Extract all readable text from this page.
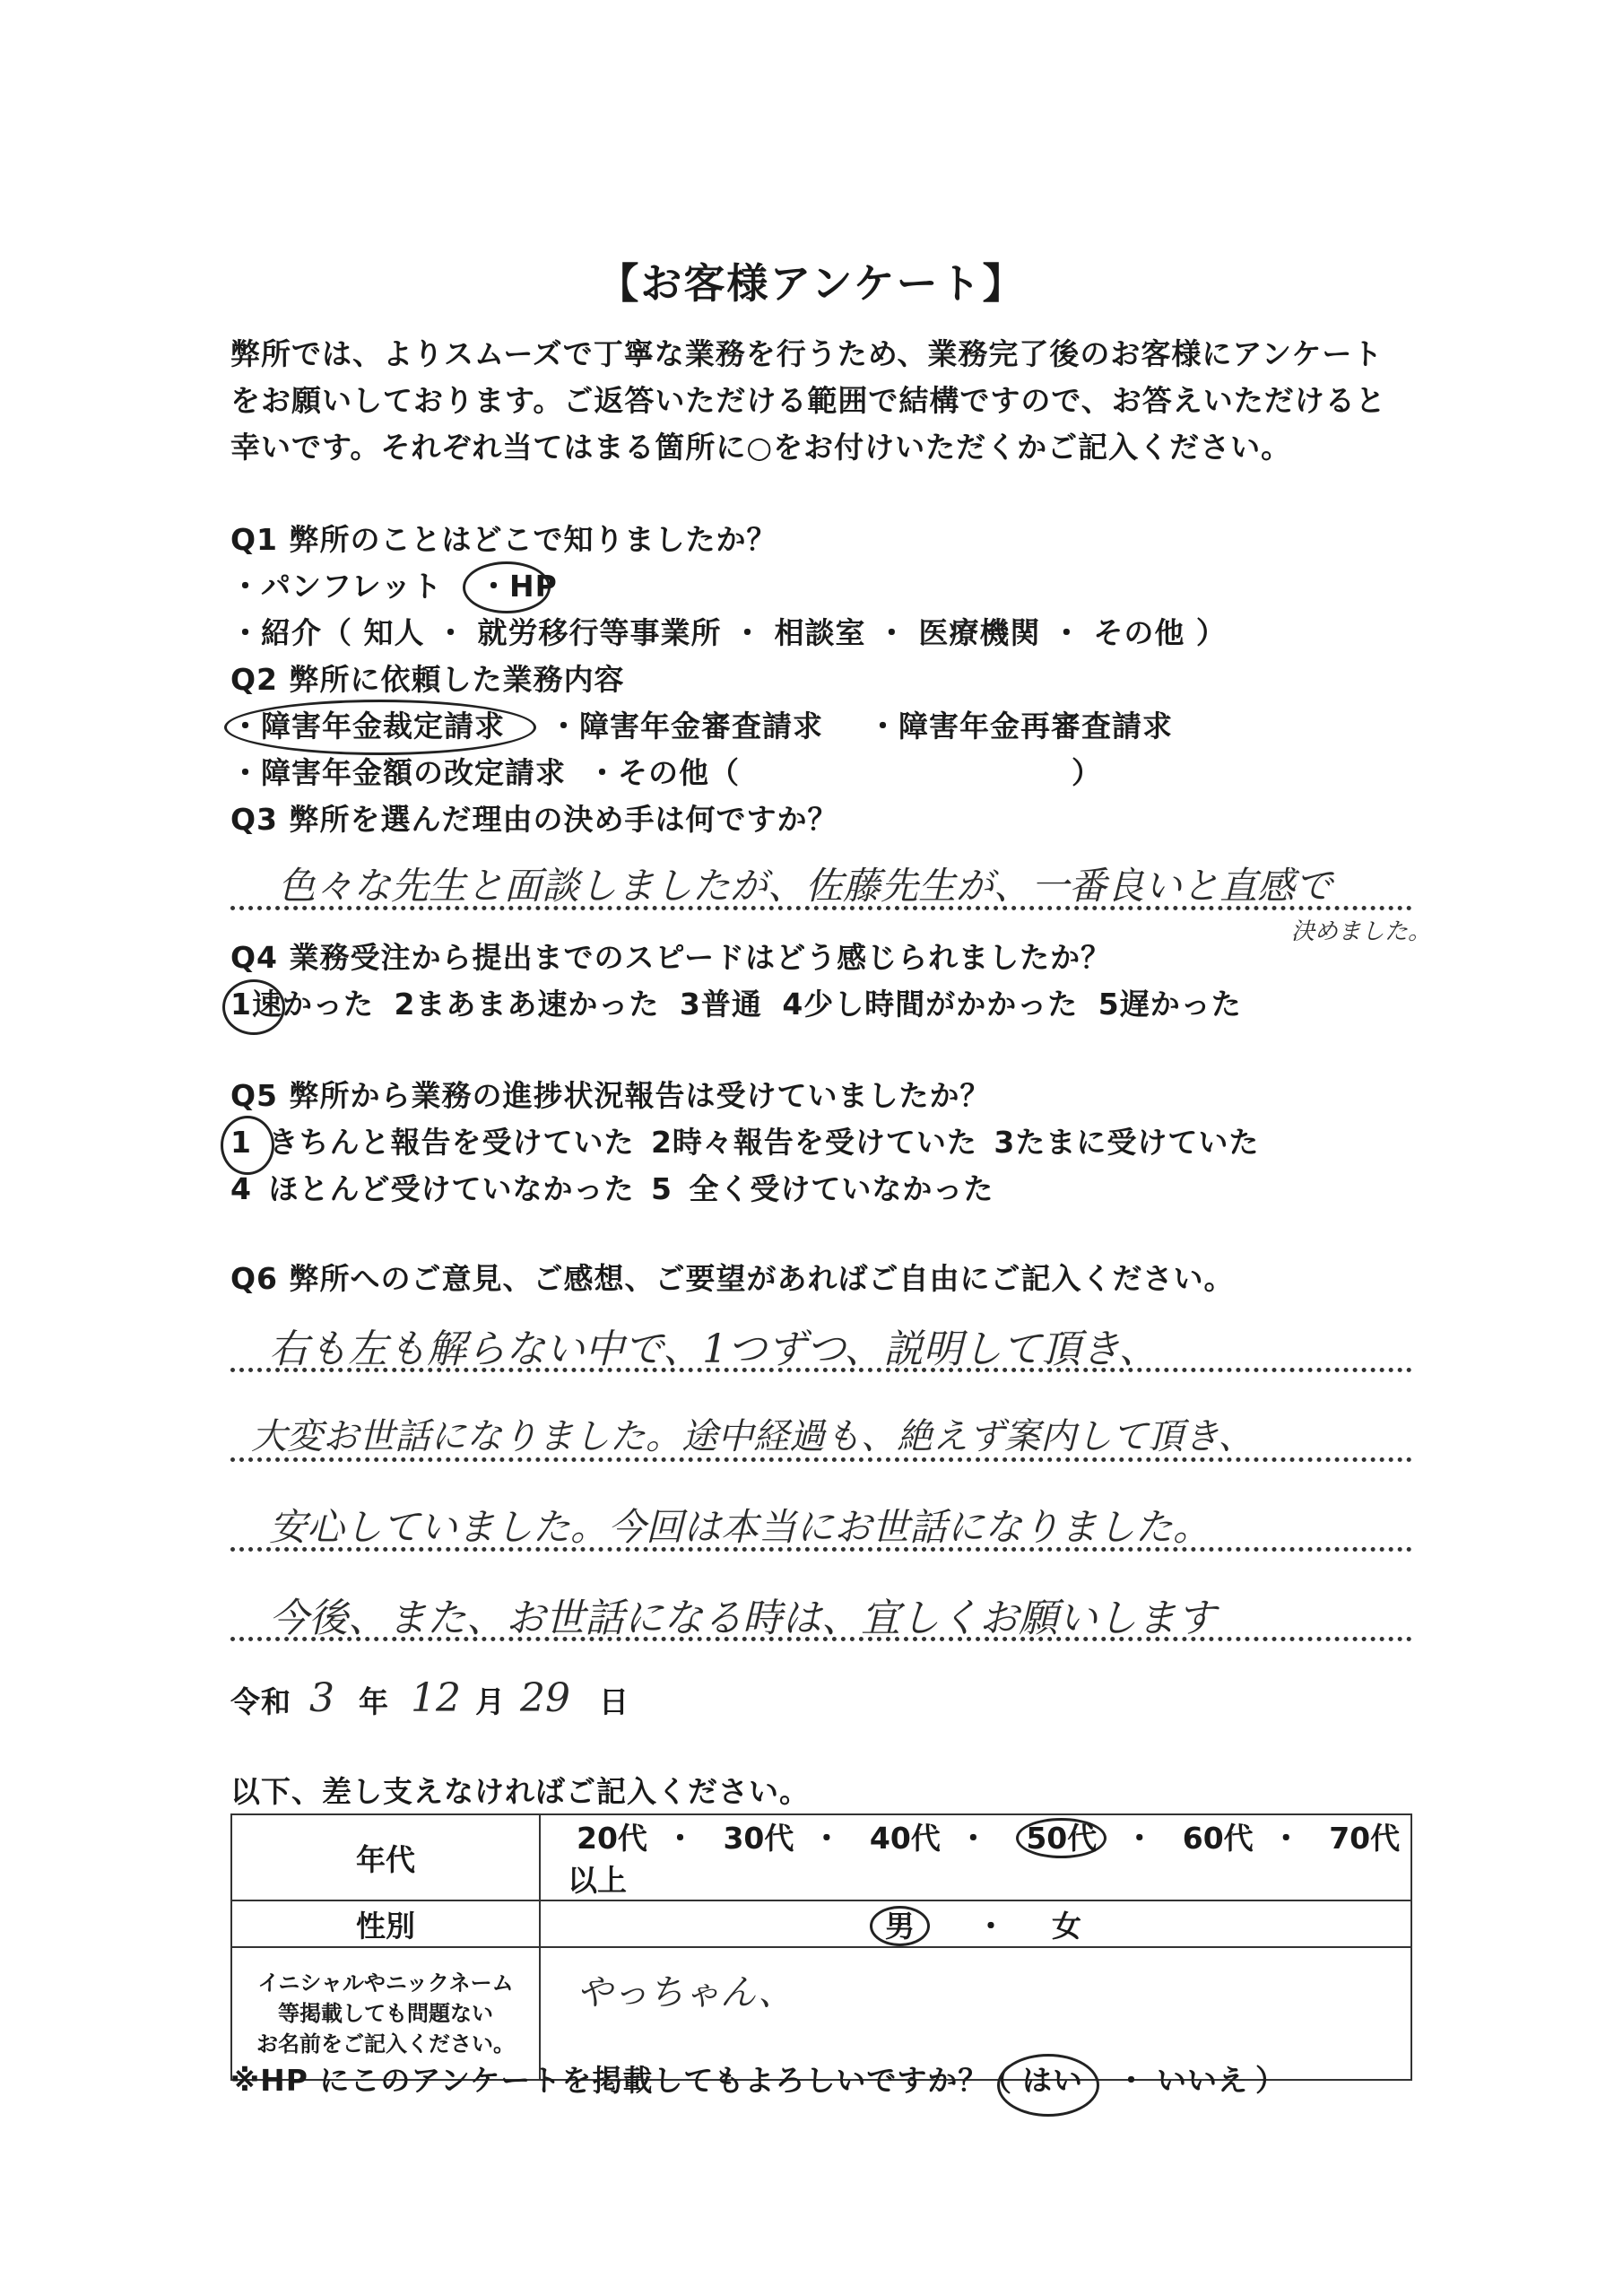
【お客様アンケート】
弊所では、よりスムーズで丁寧な業務を行うため、業務完了後のお客様にアンケート
をお願いしております。ご返答いただける範囲で結構ですので、お答えいただけると
幸いです。それぞれ当てはまる箇所に○をお付けいただくかご記入ください。
Q1 弊所のことはどこで知りましたか？
・パンフレット ・HP
・紹介（ 知人 ・ 就労移行等事業所 ・ 相談室 ・ 医療機関 ・ その他 ）
Q2 弊所に依頼した業務内容
・障害年金裁定請求 ・障害年金審査請求 ・障害年金再審査請求
・障害年金額の改定請求 ・その他（	）
Q3 弊所を選んだ理由の決め手は何ですか？
色々な先生と面談しましたが、佐藤先生が、一番良いと直感で
決めました。
Q4 業務受注から提出までのスピードはどう感じられましたか？
1速かった 2まあまあ速かった 3普通 4少し時間がかかった 5遅かった
Q5 弊所から業務の進捗状況報告は受けていましたか？
1 きちんと報告を受けていた 2時々報告を受けていた 3たまに受けていた
4 ほとんど受けていなかった 5 全く受けていなかった
Q6 弊所へのご意見、ご感想、ご要望があればご自由にご記入ください。
右も左も解らない中で、1つずつ、説明して頂き、
大変お世話になりました。途中経過も、絶えず案内して頂き、
安心していました。今回は本当にお世話になりました。
今後、また、お世話になる時は、宜しくお願いします
令和 3 年 12 月 29 日
以下、差し支えなければご記入ください。
年代	20代 ・ 30代 ・ 40代 ・ 50代 ・ 60代 ・ 70代以上
性別	男 ・ 女

イニシャルやニックネーム
等掲載しても問題ない
お名前をご記入ください。	やっちゃん、
※HP にこのアンケートを掲載してもよろしいですか？
（ はい ・ いいえ ）
